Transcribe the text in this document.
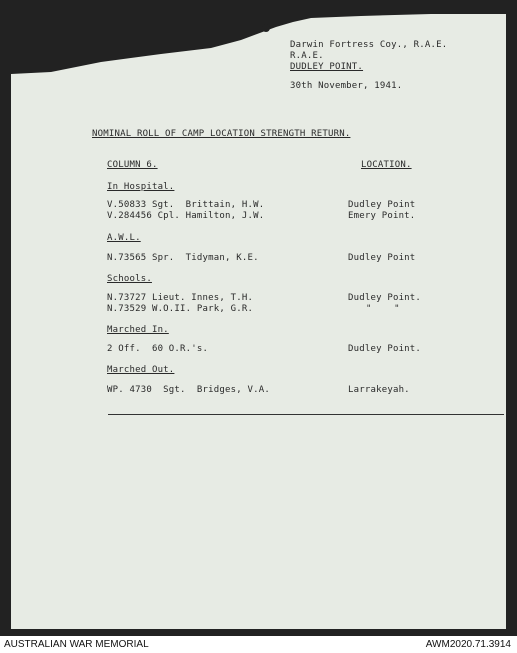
Darwin Fortress Coy., R.A.E.
R.A.E.
DUDLEY POINT.
30th November, 1941.
NOMINAL ROLL OF CAMP LOCATION STRENGTH RETURN.
COLUMN 6.	LOCATION.
In Hospital.
V.50833 Sgt.  Brittain, H.W.	Dudley Point
V.284456 Cpl. Hamilton, J.W.	Emery Point.
A.W.L.
N.73565 Spr.  Tidyman, K.E.	Dudley Point
Schools.
N.73727 Lieut. Innes, T.H.	Dudley Point.
N.73529 W.O.II. Park, G.R.	"    "
Marched In.
2 Off.  60 O.R.'s.	Dudley Point.
Marched Out.
WP. 4730  Sgt.  Bridges, V.A.	Larrakeyah.
AUSTRALIAN WAR MEMORIAL	AWM2020.71.3914
